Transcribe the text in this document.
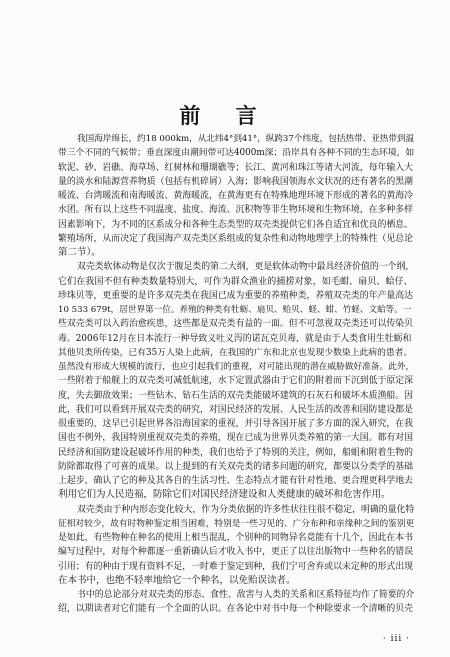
前 言
我国海岸绵长，约18 000km，从北纬4°到41°，纵跨37个纬度，包括热带、亚热带到温
带三个不同的气候带；垂直深度由潮间带可达4000m深；沿岸具有各种不同的生态环境，如
软泥、砂、岩礁、海草场、红树林和珊瑚礁等；长江、黄河和珠江等诸大河流，每年输入大
量的淡水和陆源营养物质（包括有机碎屑）入海；影响我国领海水文状况的还有著名的黑潮
暖流、台湾暖流和南海暖流、黄海暖流，在黄海更有在特殊地理环境下形成的著名的黄海冷
水团。所有以上这些不同温度、盐度、海流、沉积物等非生物环境和生物环境，在多种多样
因素影响下，为不同的区系成分和各种生态类型的双壳类提供它们各自适宜和优良的栖息、
繁殖场所，从而决定了我国海产双壳类区系组成的复杂性和动物地理学上的特殊性（见总论
第二节）。
双壳类软体动物是仅次于腹足类的第二大纲，更是软体动物中最具经济价值的一个纲，
它们在我国不但有种类数量特别大，可作为群众渔业的捕捞对象，如毛蚶、扇贝、蛤仔、
珍珠贝等，更重要的是许多双壳类在我国已成为重要的养殖种类，养殖双壳类的年产量高达
10 533 679t，居世界第一位。养殖的种类有牡蛎、扇贝、贻贝、蛏、蚶、竹蛏、文蛤等。一
些双壳类可以入药治愈疾患，这些都是双壳类有益的一面。但不可忽视双壳类还可以传染贝
毒。2006年12月在日本流行一种导致义吐义泻的诺瓦克贝毒，就是由于人类食用生牡蛎和
其他贝类所传染，已有35万人染上此病，在我国的广东和北京也发现少数染上此病的患者。
虽然没有形成大规模的流行，也应引起我们的重视，对可能出现的潜在威胁做好准备。此外，
一些附着于船舰上的双壳类可减低航速，水下定置武器由于它们的附着而下沉到低于原定深
度，失去御敌效果；一些钻木、钻石生活的双壳类能破坏建筑的石灰石和破坏木质渔船。因
此，我们可以看到开展双壳类的研究，对国民经济的发展、人民生活的改善和国防建设都是
很重要的，这早已引起世界各沿海国家的重视，并引导各国开展了多方面的深入研究，在我
国也不例外，我国特别重视双壳类的养殖，现在已成为世界贝类养殖的第一大国。都有对国
民经济和国防建设起破坏作用的种类，我们也给予了特别的关注，例如，船蛆和附着生物的
防除都取得了可喜的成果。以上提到的有关双壳类的诸多问题的研究，都要以分类学的基础
上起步，确认了它的种及其各自的生活习性、生态特点才能有针对性地、更合理更科学地去
利用它们为人民造福，防除它们对国民经济建设和人类健康的破坏和危害作用。
双壳类由于种内形态变化较大，作为分类依据的许多性状往往很不稳定，明确的量化特
征相对较少，故有时物种鉴定相当困难，特别是一些习见的、广分布种和亲缘种之间的鉴别更
是如此，有些物种在种名的使用上相当混乱，个别种的同物异名竟能有十几个，因此在本书
编写过程中，对每个种都逐一重新确认后才收入书中，更正了以往出版物中一些种名的错误
引用；有的种由于现有资料不足，一时难于鉴定到种，我们宁可舍弃或以未定种的形式出现
在本书中，也绝不轻率地给它一个种名，以免贻误读者。
书中的总论部分对双壳类的形态、食性、敌害与人类的关系和区系特征均作了简要的介
绍，以期读者对它们能有一个全面的认识。在各论中对书中每一个种除要求一个清晰的贝壳
· iii ·
